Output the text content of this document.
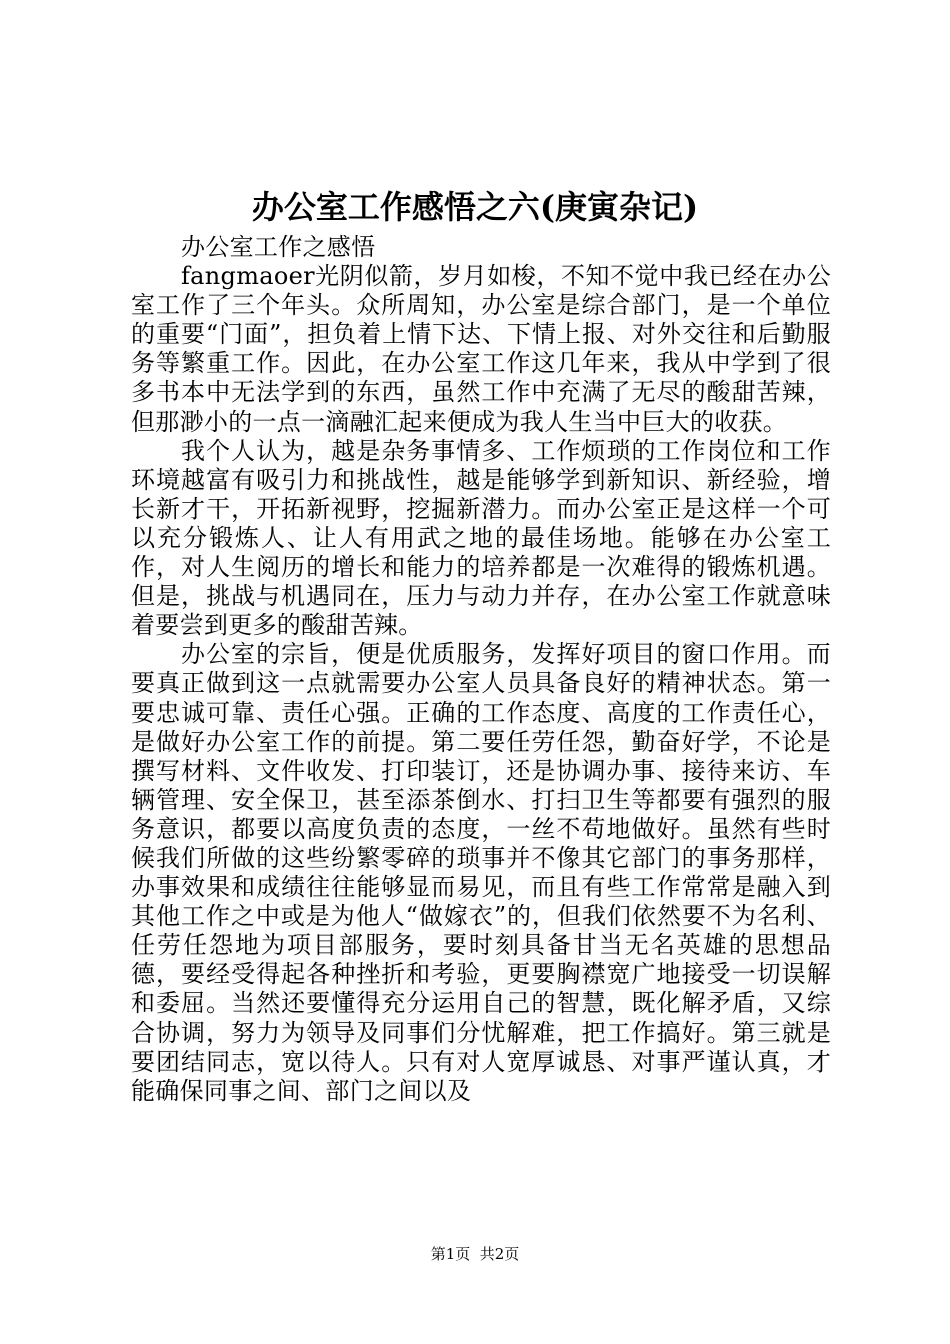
办公室工作感悟之六(庚寅杂记)

办公室工作之感悟

fangmaoer光阴似箭，岁月如梭，不知不觉中我已经在办公室工作了三个年头。众所周知，办公室是综合部门，是一个单位的重要“门面”，担负着上情下达、下情上报、对外交往和后勤服务等繁重工作。因此，在办公室工作这几年来，我从中学到了很多书本中无法学到的东西，虽然工作中充满了无尽的酸甜苦辣，但那渺小的一点一滴融汇起来便成为我人生当中巨大的收获。

我个人认为，越是杂务事情多、工作烦琐的工作岗位和工作环境越富有吸引力和挑战性，越是能够学到新知识、新经验，增长新才干，开拓新视野，挖掘新潜力。而办公室正是这样一个可以充分锻炼人、让人有用武之地的最佳场地。能够在办公室工作，对人生阅历的增长和能力的培养都是一次难得的锻炼机遇。但是，挑战与机遇同在，压力与动力并存，在办公室工作就意味着要尝到更多的酸甜苦辣。

办公室的宗旨，便是优质服务，发挥好项目的窗口作用。而要真正做到这一点就需要办公室人员具备良好的精神状态。第一要忠诚可靠、责任心强。正确的工作态度、高度的工作责任心，是做好办公室工作的前提。第二要任劳任怨，勤奋好学，不论是撰写材料、文件收发、打印装订，还是协调办事、接待来访、车辆管理、安全保卫，甚至添茶倒水、打扫卫生等都要有强烈的服务意识，都要以高度负责的态度，一丝不苟地做好。虽然有些时候我们所做的这些纷繁零碎的琐事并不像其它部门的事务那样，办事效果和成绩往往能够显而易见，而且有些工作常常是融入到其他工作之中或是为他人“做嫁衣”的，但我们依然要不为名利、任劳任怨地为项目部服务，要时刻具备甘当无名英雄的思想品德，要经受得起各种挫折和考验，更要胸襟宽广地接受一切误解和委屈。当然还要懂得充分运用自己的智慧，既化解矛盾，又综合协调，努力为领导及同事们分忧解难，把工作搞好。第三就是要团结同志，宽以待人。只有对人宽厚诚恳、对事严谨认真，才能确保同事之间、部门之间以及

第1页  共2页
